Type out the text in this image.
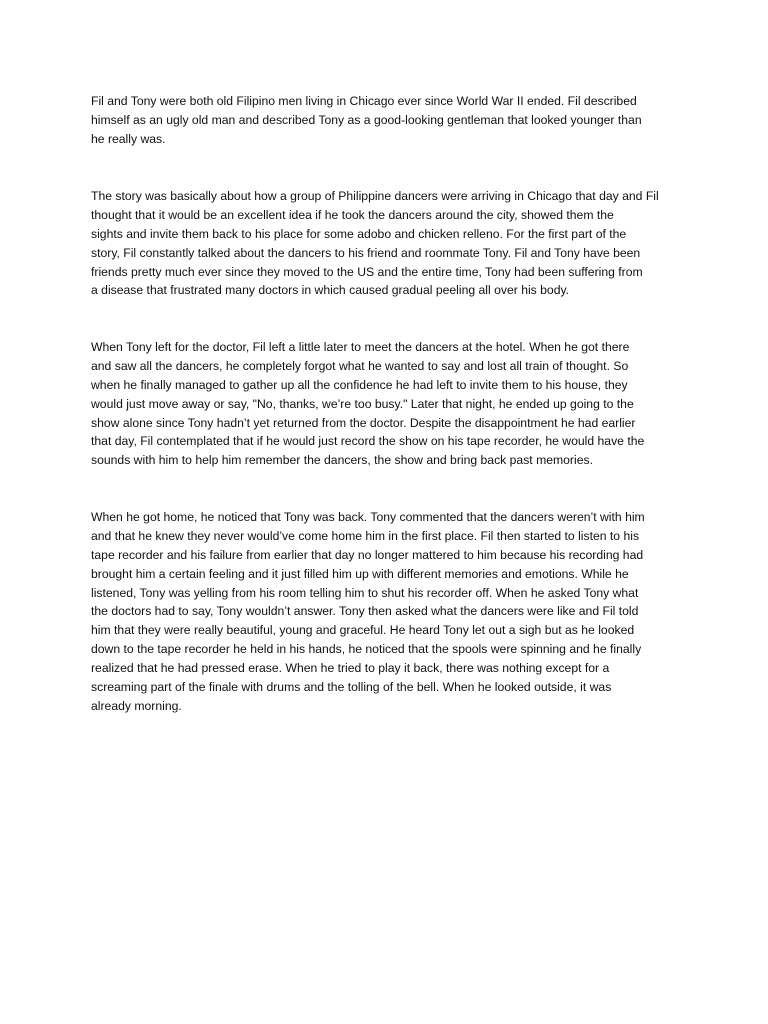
Fil and Tony were both old Filipino men living in Chicago ever since World War II ended. Fil described

himself as an ugly old man and described Tony as a good-looking gentleman that looked younger than

he really was.

The story was basically about how a group of Philippine dancers were arriving in Chicago that day and Fil

thought that it would be an excellent idea if he took the dancers around the city, showed them the

sights and invite them back to his place for some adobo and chicken relleno. For the first part of the

story, Fil constantly talked about the dancers to his friend and roommate Tony. Fil and Tony have been

friends pretty much ever since they moved to the US and the entire time, Tony had been suffering from

a disease that frustrated many doctors in which caused gradual peeling all over his body.

When Tony left for the doctor, Fil left a little later to meet the dancers at the hotel. When he got there

and saw all the dancers, he completely forgot what he wanted to say and lost all train of thought. So

when he finally managed to gather up all the confidence he had left to invite them to his house, they

would just move away or say, "No, thanks, we’re too busy." Later that night, he ended up going to the

show alone since Tony hadn’t yet returned from the doctor. Despite the disappointment he had earlier

that day, Fil contemplated that if he would just record the show on his tape recorder, he would have the

sounds with him to help him remember the dancers, the show and bring back past memories.

When he got home, he noticed that Tony was back. Tony commented that the dancers weren’t with him

and that he knew they never would’ve come home him in the first place. Fil then started to listen to his

tape recorder and his failure from earlier that day no longer mattered to him because his recording had

brought him a certain feeling and it just filled him up with different memories and emotions. While he

listened, Tony was yelling from his room telling him to shut his recorder off. When he asked Tony what

the doctors had to say, Tony wouldn’t answer. Tony then asked what the dancers were like and Fil told

him that they were really beautiful, young and graceful. He heard Tony let out a sigh but as he looked

down to the tape recorder he held in his hands, he noticed that the spools were spinning and he finally

realized that he had pressed erase. When he tried to play it back, there was nothing except for a

screaming part of the finale with drums and the tolling of the bell. When he looked outside, it was

already morning.
